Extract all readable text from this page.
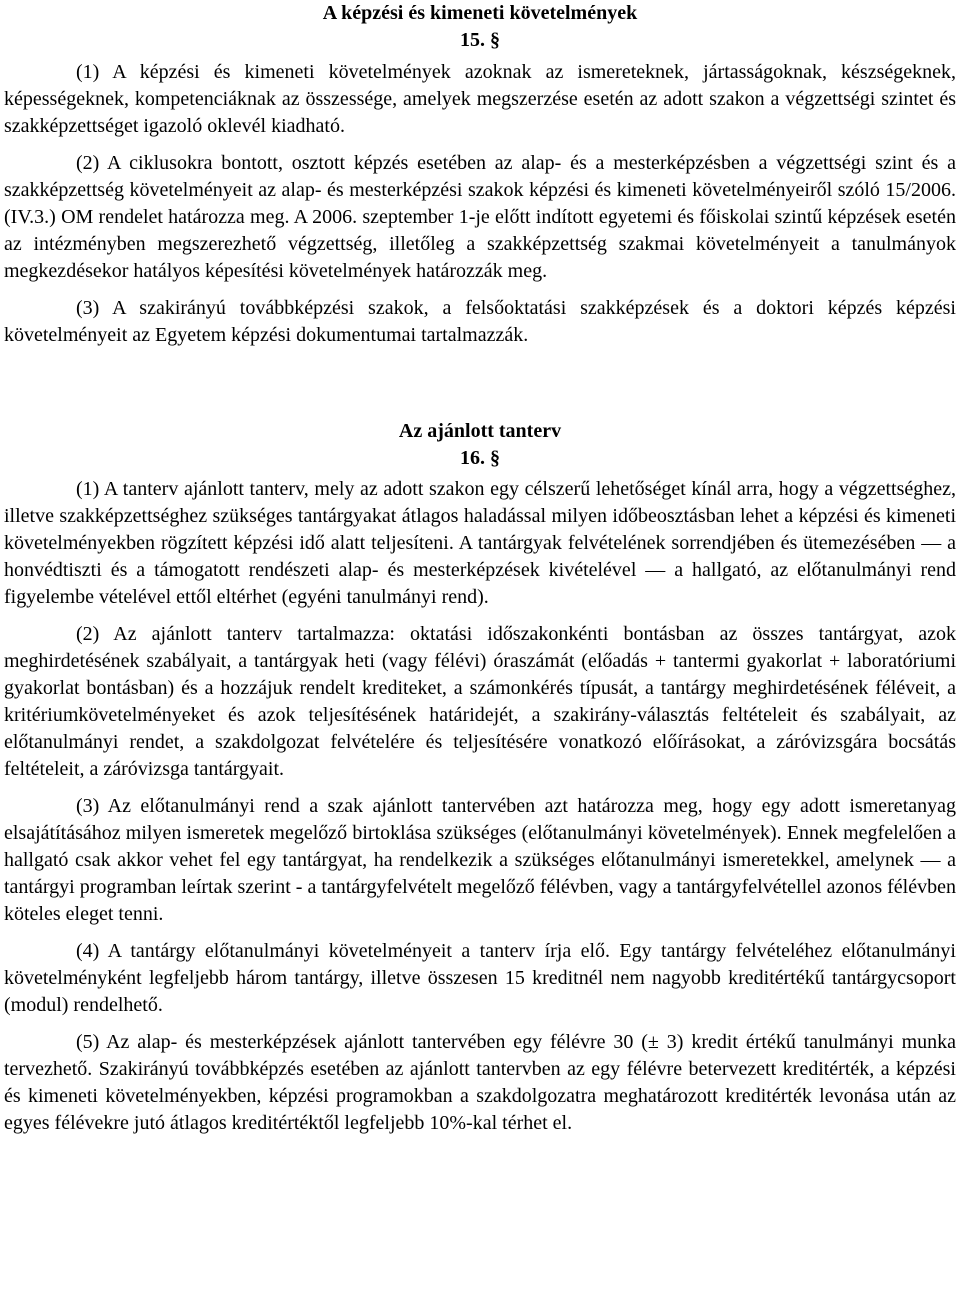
A képzési és kimeneti követelmények

15. §

(1) A képzési és kimeneti követelmények azoknak az ismereteknek, jártasságoknak, készségeknek, képességeknek, kompetenciáknak az összessége, amelyek megszerzése esetén az adott szakon a végzettségi szintet és szakképzettséget igazoló oklevél kiadható.

(2) A ciklusokra bontott, osztott képzés esetében az alap- és a mesterképzésben a végzettségi szint és a szakképzettség követelményeit az alap- és mesterképzési szakok képzési és kimeneti követelményeiről szóló 15/2006. (IV.3.) OM rendelet határozza meg. A 2006. szeptember 1-je előtt indított egyetemi és főiskolai szintű képzések esetén az intézményben megszerezhető végzettség, illetőleg a szakképzettség szakmai követelményeit a tanulmányok megkezdésekor hatályos képesítési követelmények határozzák meg.

(3) A szakirányú továbbképzési szakok, a felsőoktatási szakképzések és a doktori képzés képzési követelményeit az Egyetem képzési dokumentumai tartalmazzák.

Az ajánlott tanterv

16. §

(1) A tanterv ajánlott tanterv, mely az adott szakon egy célszerű lehetőséget kínál arra, hogy a végzettséghez, illetve szakképzettséghez szükséges tantárgyakat átlagos haladással milyen időbeosztásban lehet a képzési és kimeneti követelményekben rögzített képzési idő alatt teljesíteni. A tantárgyak felvételének sorrendjében és ütemezésében — a honvédtiszti és a támogatott rendészeti alap- és mesterképzések kivételével — a hallgató, az előtanulmányi rend figyelembe vételével ettől eltérhet (egyéni tanulmányi rend).

(2) Az ajánlott tanterv tartalmazza: oktatási időszakonkénti bontásban az összes tantárgyat, azok meghirdetésének szabályait, a tantárgyak heti (vagy félévi) óraszámát (előadás + tantermi gyakorlat + laboratóriumi gyakorlat bontásban) és a hozzájuk rendelt krediteket, a számonkérés típusát, a tantárgy meghirdetésének féléveit, a kritériumkövetelményeket és azok teljesítésének határidejét, a szakirány-választás feltételeit és szabályait, az előtanulmányi rendet, a szakdolgozat felvételére és teljesítésére vonatkozó előírásokat, a záróvizsgára bocsátás feltételeit, a záróvizsga tantárgyait.

(3) Az előtanulmányi rend a szak ajánlott tantervében azt határozza meg, hogy egy adott ismeretanyag elsajátításához milyen ismeretek megelőző birtoklása szükséges (előtanulmányi követelmények). Ennek megfelelően a hallgató csak akkor vehet fel egy tantárgyat, ha rendelkezik a szükséges előtanulmányi ismeretekkel, amelynek — a tantárgyi programban leírtak szerint - a tantárgyfelvételt megelőző félévben, vagy a tantárgyfelvétellel azonos félévben köteles eleget tenni.

(4) A tantárgy előtanulmányi követelményeit a tanterv írja elő. Egy tantárgy felvételéhez előtanulmányi követelményként legfeljebb három tantárgy, illetve összesen 15 kreditnél nem nagyobb kreditértékű tantárgycsoport (modul) rendelhető.

(5) Az alap- és mesterképzések ajánlott tantervében egy félévre 30 (± 3) kredit értékű tanulmányi munka tervezhető. Szakirányú továbbképzés esetében az ajánlott tantervben az egy félévre betervezett kreditérték, a képzési és kimeneti követelményekben, képzési programokban a szakdolgozatra meghatározott kreditérték levonása után az egyes félévekre jutó átlagos kreditértéktől legfeljebb 10%-kal térhet el.
